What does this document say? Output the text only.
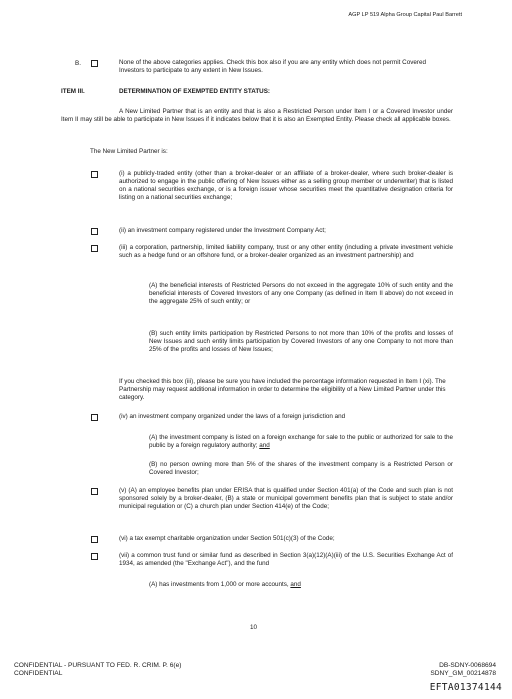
AGP LP 519 Alpha Group Capital Paul Barrett
B.	None of the above categories applies. Check this box also if you are any entity which does not permit Covered Investors to participate to any extent in New Issues.
ITEM III.	DETERMINATION OF EXEMPTED ENTITY STATUS:
A New Limited Partner that is an entity and that is also a Restricted Person under Item I or a Covered Investor under Item II may still be able to participate in New Issues if it indicates below that it is also an Exempted Entity. Please check all applicable boxes.
The New Limited Partner is:
(i) a publicly-traded entity (other than a broker-dealer or an affiliate of a broker-dealer, where such broker-dealer is authorized to engage in the public offering of New Issues either as a selling group member or underwriter) that is listed on a national securities exchange, or is a foreign issuer whose securities meet the quantitative designation criteria for listing on a national securities exchange;
(ii) an investment company registered under the Investment Company Act;
(iii) a corporation, partnership, limited liability company, trust or any other entity (including a private investment vehicle such as a hedge fund or an offshore fund, or a broker-dealer organized as an investment partnership) and
(A) the beneficial interests of Restricted Persons do not exceed in the aggregate 10% of such entity and the beneficial interests of Covered Investors of any one Company (as defined in Item II above) do not exceed in the aggregate 25% of such entity; or
(B) such entity limits participation by Restricted Persons to not more than 10% of the profits and losses of New Issues and such entity limits participation by Covered Investors of any one Company to not more than 25% of the profits and losses of New Issues;
If you checked this box (iii), please be sure you have included the percentage information requested in Item I (xi). The Partnership may request additional information in order to determine the eligibility of a New Limited Partner under this category.
(iv) an investment company organized under the laws of a foreign jurisdiction and
(A) the investment company is listed on a foreign exchange for sale to the public or authorized for sale to the public by a foreign regulatory authority; and
(B) no person owning more than 5% of the shares of the investment company is a Restricted Person or Covered Investor;
(v) (A) an employee benefits plan under ERISA that is qualified under Section 401(a) of the Code and such plan is not sponsored solely by a broker-dealer, (B) a state or municipal government benefits plan that is subject to state and/or municipal regulation or (C) a church plan under Section 414(e) of the Code;
(vi) a tax exempt charitable organization under Section 501(c)(3) of the Code;
(vii) a common trust fund or similar fund as described in Section 3(a)(12)(A)(iii) of the U.S. Securities Exchange Act of 1934, as amended (the "Exchange Act"), and the fund
(A) has investments from 1,000 or more accounts, and
10
CONFIDENTIAL - PURSUANT TO FED. R. CRIM. P. 6(e)
CONFIDENTIAL
DB-SDNY-0068694
SDNY_GM_00214878
EFTA01374144
